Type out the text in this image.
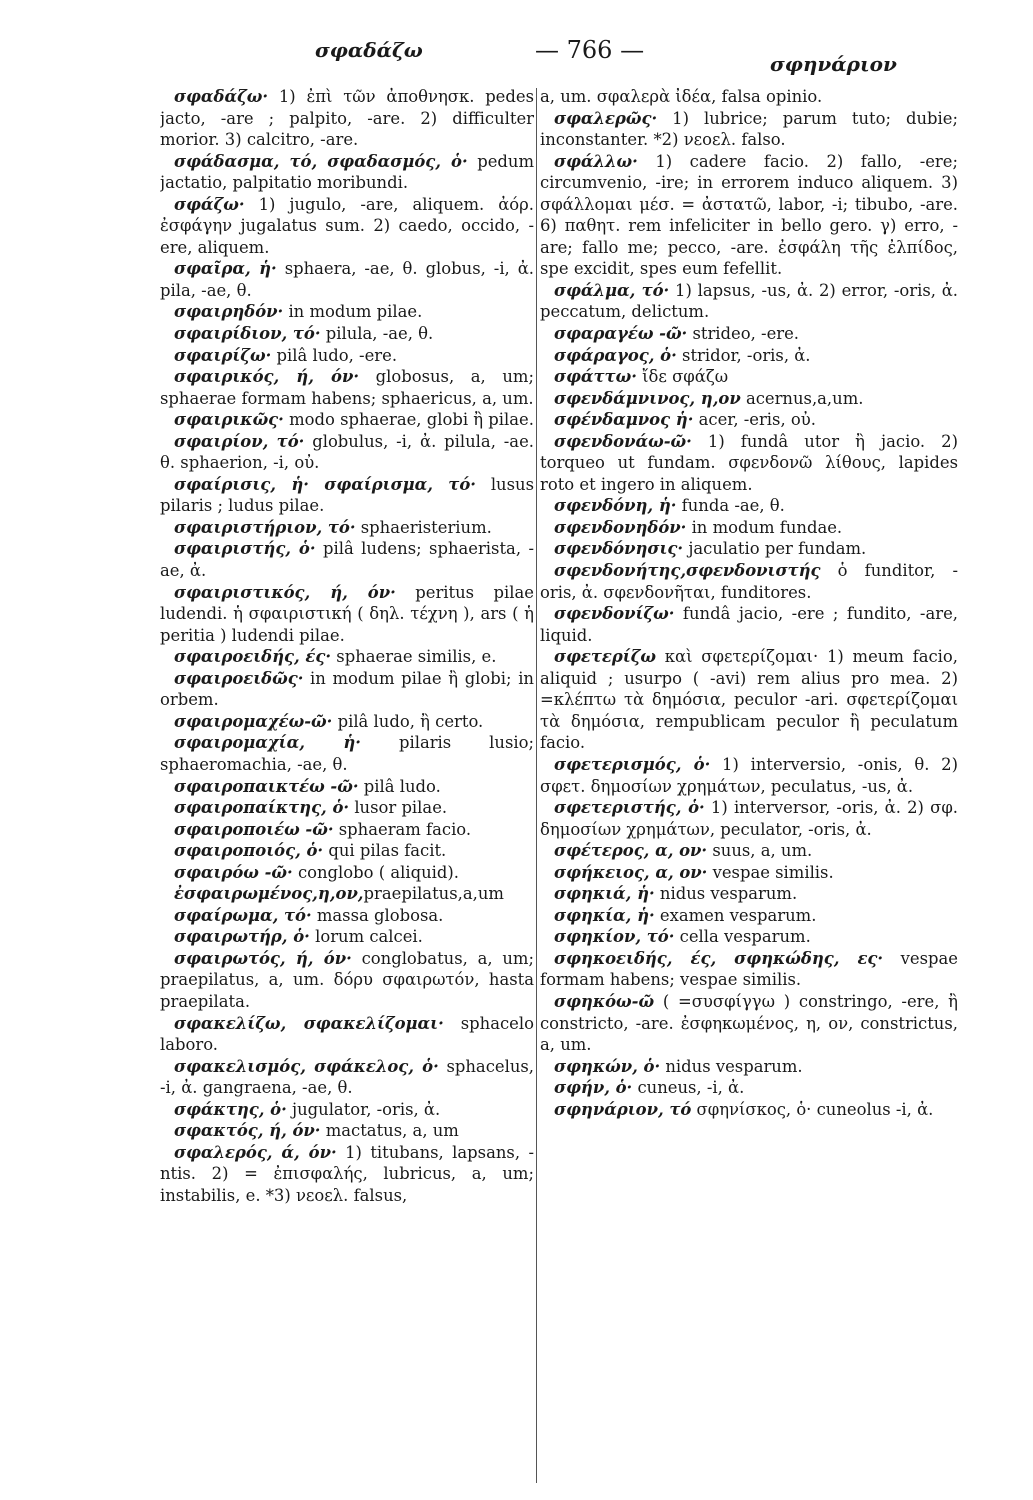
σφαδάζω	— 766 —	σφηνάριον

σφαδάζω· 1) ἐπὶ τῶν ἀποθνησκ. pedes jacto, -are ; palpito, -are. 2) difficulter morior. 3) calcitro, -are.

σφάδασμα, τό, σφαδασμός, ὁ· pedum jactatio, palpitatio moribundi.

σφάζω· 1) jugulo, -are, aliquem. ἀόρ. ἐσφάγην jugalatus sum. 2) caedo, occido, -ere, aliquem.

σφαῖρα, ἡ· sphaera, -ae, θ. globus, -i, ἀ. pila, -ae, θ.

σφαιρηδόν· in modum pilae.

σφαιρίδιον, τό· pilula, -ae, θ.

σφαιρίζω· pilâ ludo, -ere.

σφαιρικός, ή, όν· globosus, a, um; sphaerae formam habens; sphaericus, a, um.

σφαιρικῶς· modo sphaerae, globi ἢ pilae.

σφαιρίον, τό· globulus, -i, ἀ. pilula, -ae. θ. sphaerion, -i, οὐ.

σφαίρισις, ἡ· σφαίρισμα, τό· lusus pilaris ; ludus pilae.

σφαιριστήριον, τό· sphaeristerium.

σφαιριστής, ὁ· pilâ ludens; sphaerista, -ae, ἀ.

σφαιριστικός, ή, όν· peritus pilae ludendi. ἡ σφαιριστική ( δηλ. τέχνη ), ars ( ἡ peritia ) ludendi pilae.

σφαιροειδής, ές· sphaerae similis, e.

σφαιροειδῶς· in modum pilae ἢ globi; in orbem.

σφαιρομαχέω-ῶ· pilâ ludo, ἢ certo.

σφαιρομαχία, ἡ· pilaris lusio; sphaeromachia, -ae, θ.

σφαιροπαικτέω -ῶ· pilâ ludo.

σφαιροπαίκτης, ὁ· lusor pilae.

σφαιροποιέω -ῶ· sphaeram facio.

σφαιροποιός, ὁ· qui pilas facit.

σφαιρόω -ῶ· conglobo ( aliquid).

ἐσφαιρωμένος,η,ον,praepilatus,a,um

σφαίρωμα, τό· massa globosa.

σφαιρωτήρ, ὁ· lorum calcei.

σφαιρωτός, ή, όν· conglobatus, a, um; praepilatus, a, um. δόρυ σφαιρωτόν, hasta praepilata.

σφακελίζω, σφακελίζομαι· sphacelo laboro.

σφακελισμός, σφάκελος, ὁ· sphacelus, -i, ἀ. gangraena, -ae, θ.

σφάκτης, ὁ· jugulator, -oris, ἀ.

σφακτός, ή, όν· mactatus, a, um

σφαλερός, ά, όν· 1) titubans, lapsans, -ntis. 2) = ἐπισφαλής, lubricus, a, um; instabilis, e. *3) νεοελ. falsus,

a, um. σφαλερὰ ἰδέα, falsa opinio.

σφαλερῶς· 1) lubrice; parum tuto; dubie; inconstanter. *2) νεοελ. falso.

σφάλλω· 1) cadere facio. 2) fallo, -ere; circumvenio, -ire; in errorem induco aliquem. 3) σφάλλομαι μέσ. = ἀστατῶ, labor, -i; tibubo, -are. 6) παθητ. rem infeliciter in bello gero. γ) erro, -are; fallo me; pecco, -are. ἐσφάλη τῆς ἐλπίδος, spe excidit, spes eum fefellit.

σφάλμα, τό· 1) lapsus, -us, ἀ. 2) error, -oris, ἀ. peccatum, delictum.

σφαραγέω -ῶ· strideo, -ere.

σφάραγος, ὁ· stridor, -oris, ἀ.

σφάττω· ἴδε σφάζω

σφενδάμνινος, η,ον acernus,a,um.

σφένδαμνος ἡ· acer, -eris, οὐ.

σφενδονάω-ῶ· 1) fundâ utor ἢ jacio. 2) torqueo ut fundam. σφενδονῶ λίθους, lapides roto et ingero in aliquem.

σφενδόνη, ἡ· funda -ae, θ.

σφενδονηδόν· in modum fundae.

σφενδόνησις· jaculatio per fundam.

σφενδονήτης,σφενδονιστής ὁ funditor, -oris, ἀ. σφενδονῆται, funditores.

σφενδονίζω· fundâ jacio, -ere ; fundito, -are, liquid.

σφετερίζω καὶ σφετερίζομαι· 1) meum facio, aliquid ; usurpo ( -avi) rem alius pro mea. 2) =κλέπτω τὰ δημόσια, peculor -ari. σφετερίζομαι τὰ δημόσια, rempublicam peculor ἢ peculatum facio.

σφετερισμός, ὁ· 1) interversio, -onis, θ. 2) σφετ. δημοσίων χρημάτων, peculatus, -us, ἀ.

σφετεριστής, ὁ· 1) interversor, -oris, ἀ. 2) σφ. δημοσίων χρημάτων, peculator, -oris, ἀ.

σφέτερος, α, ον· suus, a, um.

σφήκειος, α, ον· vespae similis.

σφηκιά, ἡ· nidus vesparum.

σφηκία, ἡ· examen vesparum.

σφηκίον, τό· cella vesparum.

σφηκοειδής, ές, σφηκώδης, ες· vespae formam habens; vespae similis.

σφηκόω-ῶ ( =συσφίγγω ) constringo, -ere, ἢ constricto, -are. ἐσφηκωμένος, η, ον, constrictus, a, um.

σφηκών, ὁ· nidus vesparum.

σφήν, ὁ· cuneus, -i, ἀ.

σφηνάριον, τό σφηνίσκος, ὁ· cuneolus -i, ἀ.
